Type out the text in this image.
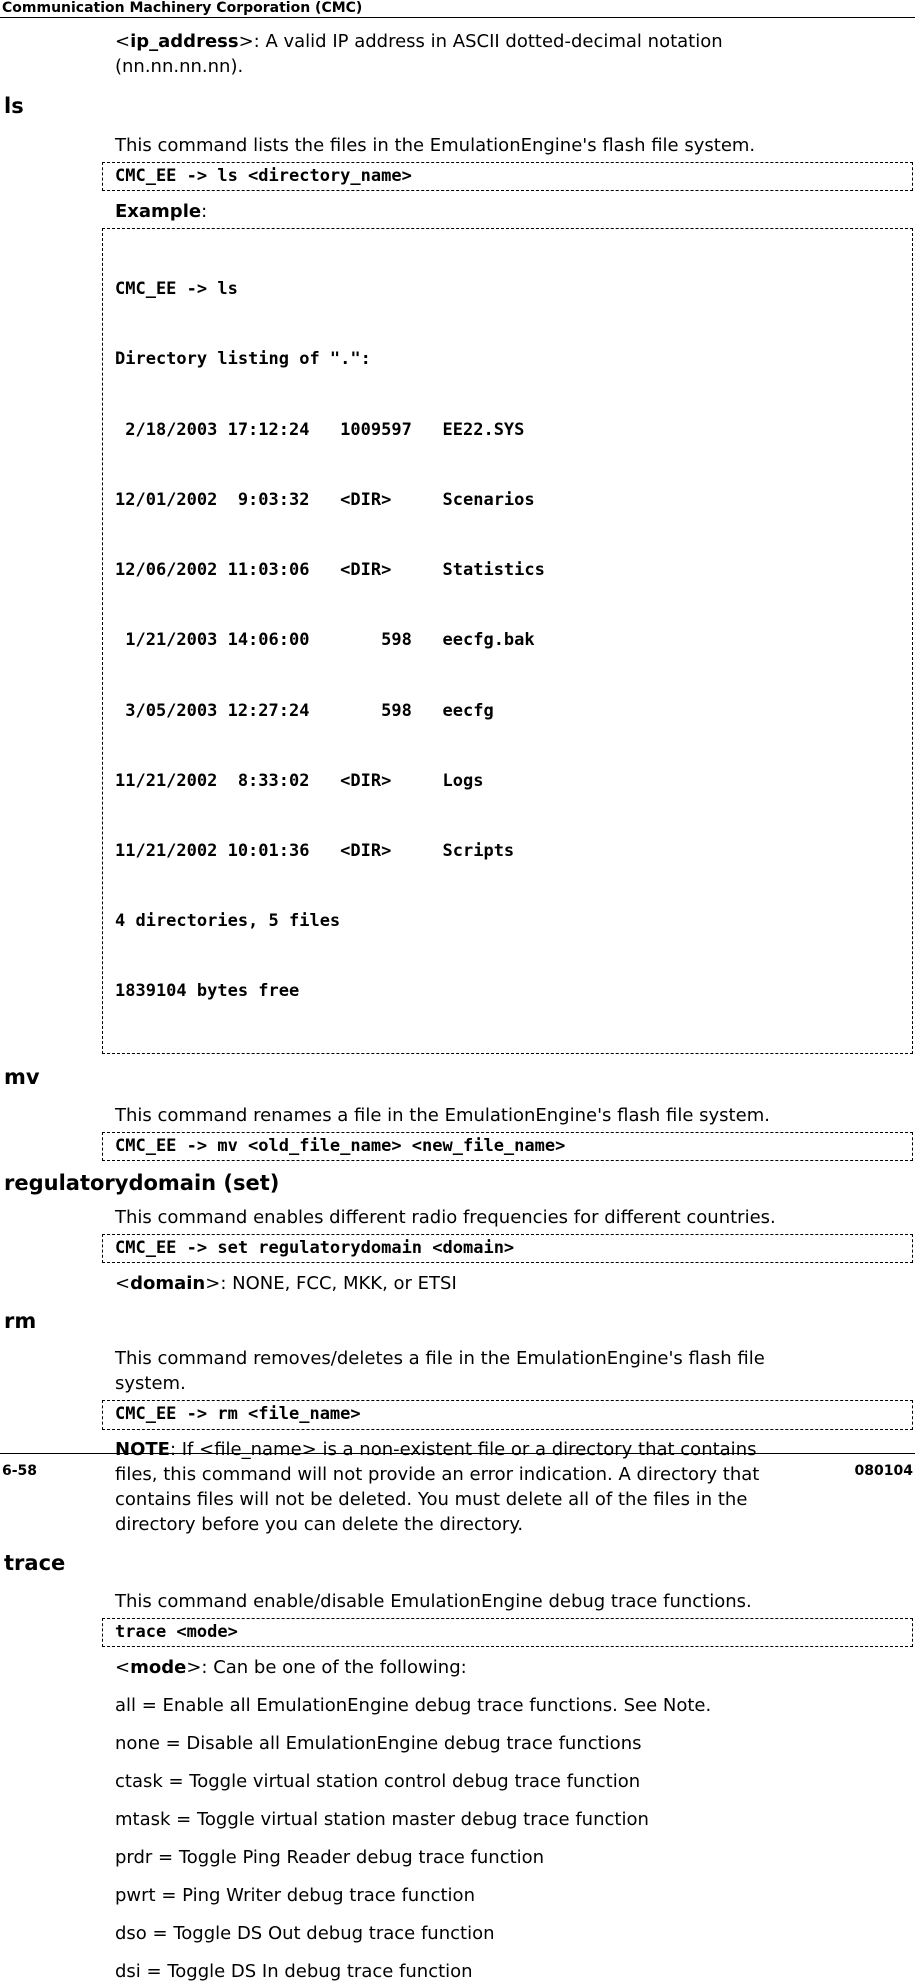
Communication Machinery Corporation (CMC)
<ip_address>: A valid IP address in ASCII dotted-decimal notation
(nn.nn.nn.nn).
ls
This command lists the files in the EmulationEngine's flash file system.
CMC_EE -> ls <directory_name>
Example:

CMC_EE -> ls

Directory listing of ".":

2/18/2003 17:12:24   1009597   EE22.SYS

12/01/2002  9:03:32   <DIR>     Scenarios

12/06/2002 11:03:06   <DIR>     Statistics

1/21/2003 14:06:00       598   eecfg.bak

3/05/2003 12:27:24       598   eecfg

11/21/2002  8:33:02   <DIR>     Logs

11/21/2002 10:01:36   <DIR>     Scripts

4 directories, 5 files

1839104 bytes free

mv
This command renames a file in the EmulationEngine's flash file system.
CMC_EE -> mv <old_file_name> <new_file_name>
regulatorydomain (set)
This command enables different radio frequencies for different countries.
CMC_EE -> set regulatorydomain <domain>
<domain>: NONE, FCC, MKK, or ETSI
rm
This command removes/deletes a file in the EmulationEngine's flash file
system.
CMC_EE -> rm <file_name>
NOTE: If <file_name> is a non-existent file or a directory that contains
files, this command will not provide an error indication. A directory that
contains files will not be deleted. You must delete all of the files in the
directory before you can delete the directory.
trace
This command enable/disable EmulationEngine debug trace functions.
trace <mode>
<mode>: Can be one of the following:
all = Enable all EmulationEngine debug trace functions. See Note.
none = Disable all EmulationEngine debug trace functions
ctask = Toggle virtual station control debug trace function
mtask = Toggle virtual station master debug trace function
prdr = Toggle Ping Reader debug trace function
pwrt = Ping Writer debug trace function
dso = Toggle DS Out debug trace function
dsi = Toggle DS In debug trace function
6-58	080104
